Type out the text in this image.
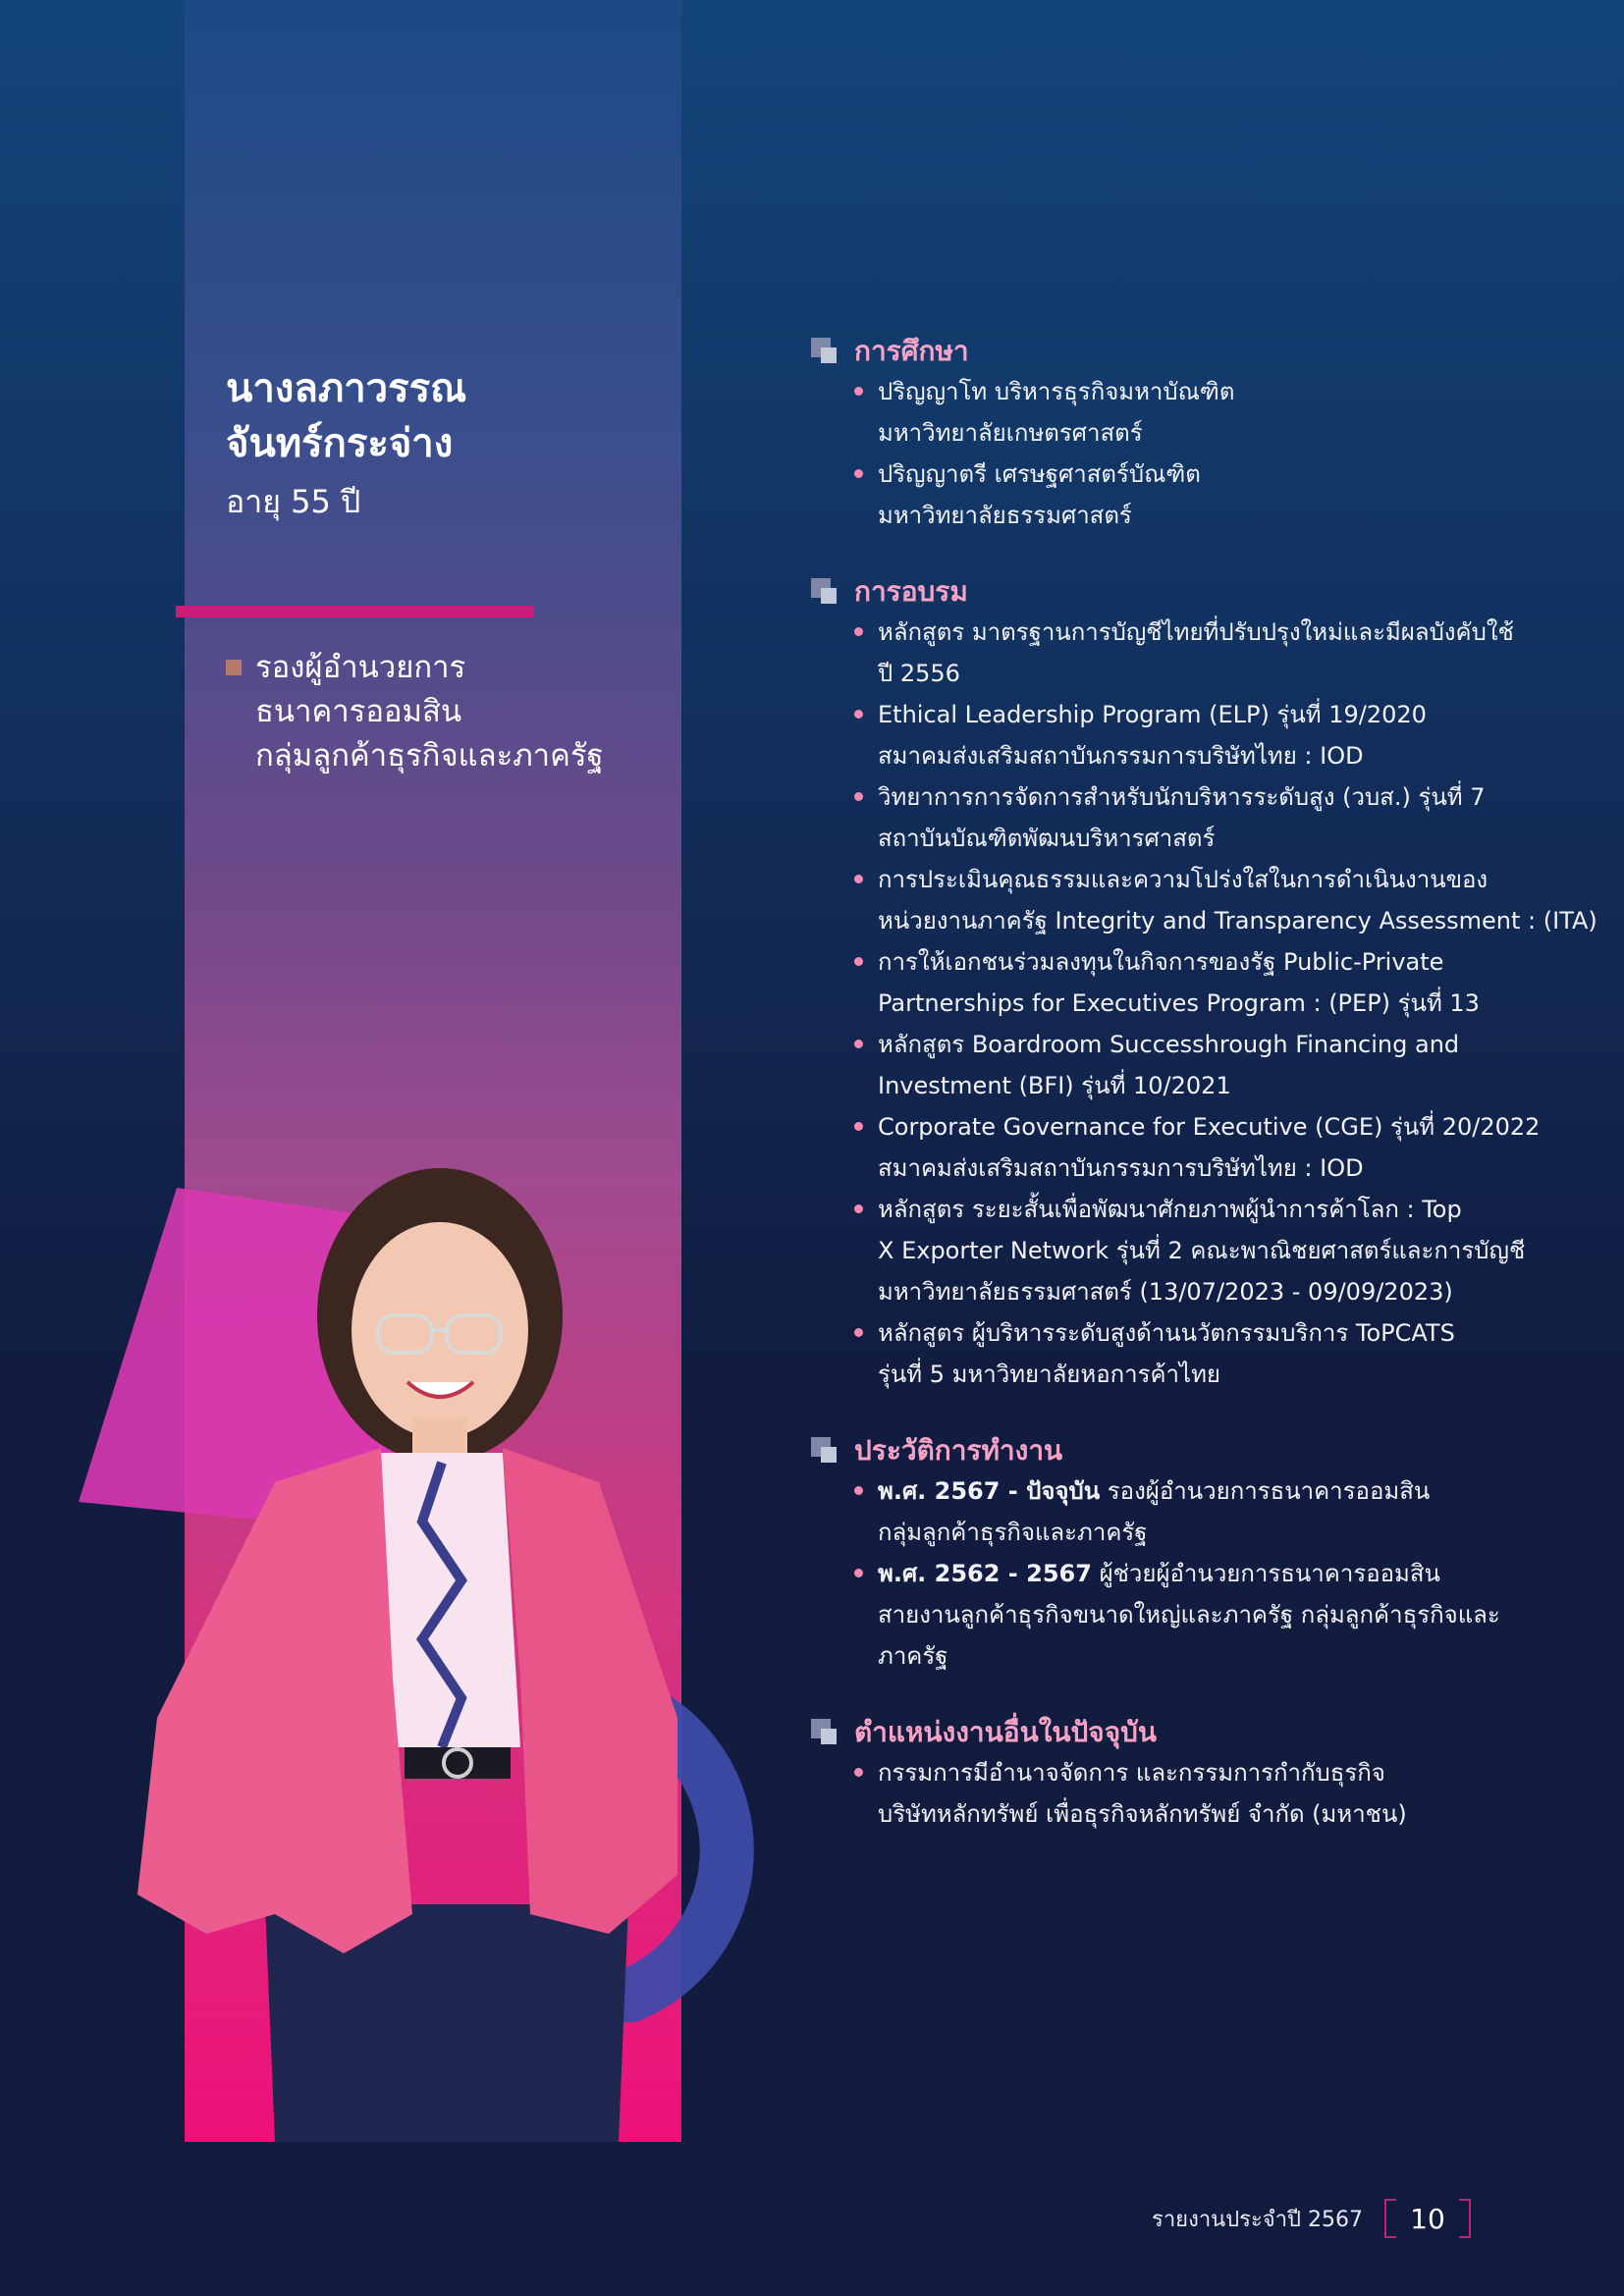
นางลภาวรรณ
จันทร์กระจ่าง
อายุ 55 ปี
รองผู้อำนวยการ
ธนาคารออมสิน
กลุ่มลูกค้าธุรกิจและภาครัฐ
การศึกษา
ปริญญาโท บริหารธุรกิจมหาบัณฑิต
มหาวิทยาลัยเกษตรศาสตร์
ปริญญาตรี เศรษฐศาสตร์บัณฑิต
มหาวิทยาลัยธรรมศาสตร์
การอบรม
หลักสูตร มาตรฐานการบัญชีไทยที่ปรับปรุงใหม่และมีผลบังคับใช้
ปี 2556
Ethical Leadership Program (ELP) รุ่นที่ 19/2020
สมาคมส่งเสริมสถาบันกรรมการบริษัทไทย : IOD
วิทยาการการจัดการสำหรับนักบริหารระดับสูง (วบส.) รุ่นที่ 7
สถาบันบัณฑิตพัฒนบริหารศาสตร์
การประเมินคุณธรรมและความโปร่งใสในการดำเนินงานของ
หน่วยงานภาครัฐ Integrity and Transparency Assessment : (ITA)
การให้เอกชนร่วมลงทุนในกิจการของรัฐ Public-Private
Partnerships for Executives Program : (PEP) รุ่นที่ 13
หลักสูตร Boardroom Successhrough Financing and
Investment (BFI) รุ่นที่ 10/2021
Corporate Governance for Executive (CGE) รุ่นที่ 20/2022
สมาคมส่งเสริมสถาบันกรรมการบริษัทไทย : IOD
หลักสูตร ระยะสั้นเพื่อพัฒนาศักยภาพผู้นำการค้าโลก : Top
X Exporter Network รุ่นที่ 2 คณะพาณิชยศาสตร์และการบัญชี
มหาวิทยาลัยธรรมศาสตร์ (13/07/2023 - 09/09/2023)
หลักสูตร ผู้บริหารระดับสูงด้านนวัตกรรมบริการ ToPCATS
รุ่นที่ 5 มหาวิทยาลัยหอการค้าไทย
ประวัติการทำงาน
พ.ศ. 2567 - ปัจจุบัน รองผู้อำนวยการธนาคารออมสิน
กลุ่มลูกค้าธุรกิจและภาครัฐ
พ.ศ. 2562 - 2567 ผู้ช่วยผู้อำนวยการธนาคารออมสิน
สายงานลูกค้าธุรกิจขนาดใหญ่และภาครัฐ กลุ่มลูกค้าธุรกิจและ
ภาครัฐ
ตำแหน่งงานอื่นในปัจจุบัน
กรรมการมีอำนาจจัดการ และกรรมการกำกับธุรกิจ
บริษัทหลักทรัพย์ เพื่อธุรกิจหลักทรัพย์ จำกัด (มหาชน)
รายงานประจำปี 2567 10
